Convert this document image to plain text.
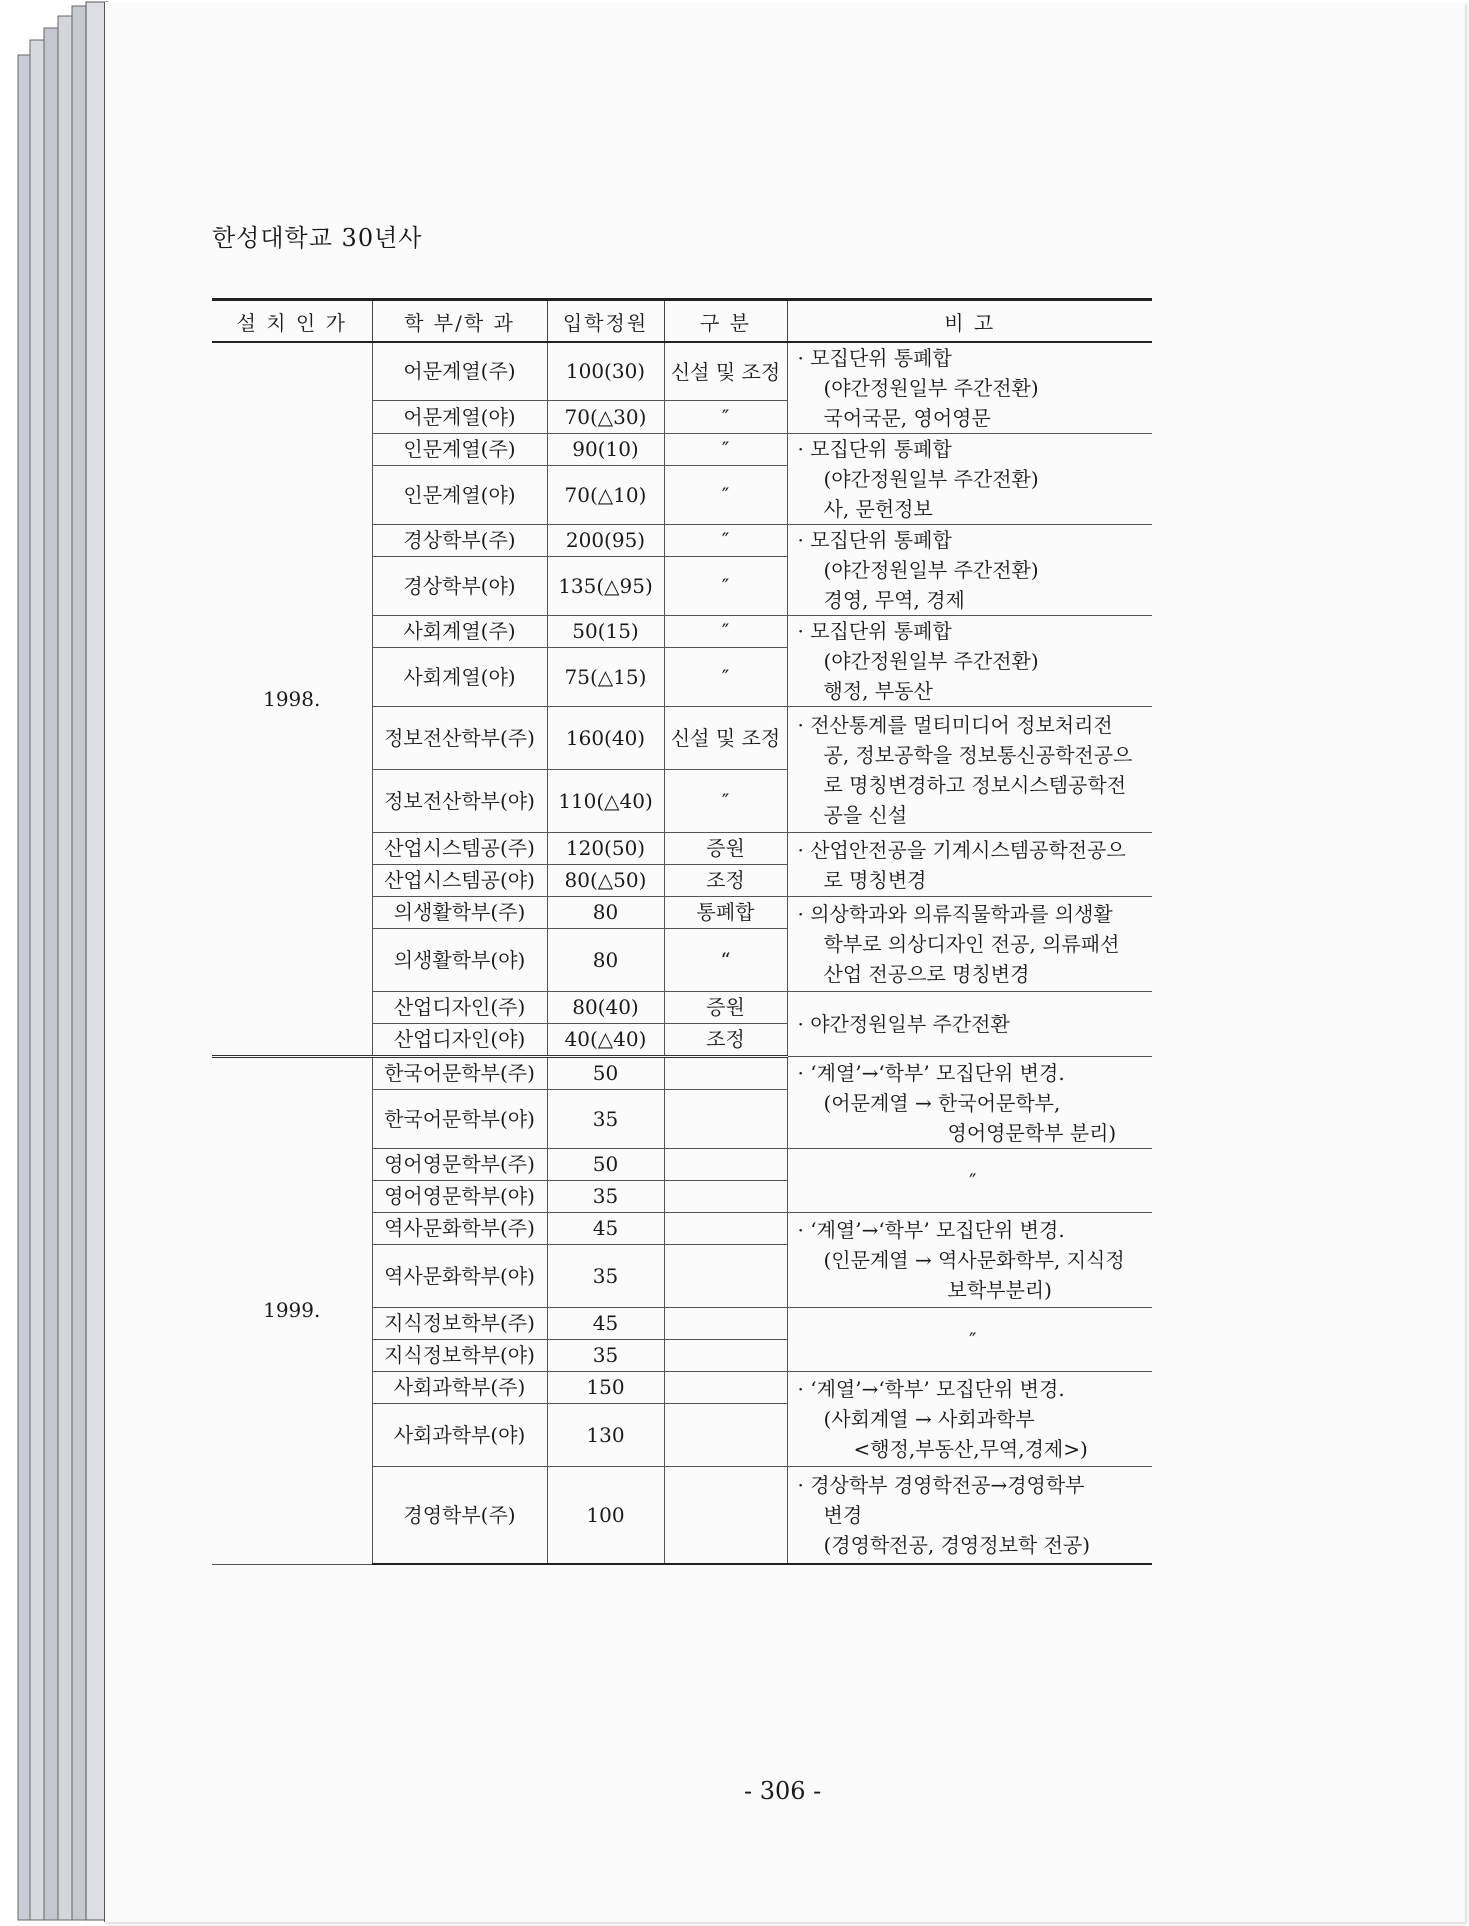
한성대학교 30년사
설 치 인 가	학 부/학 과	입학정원	구 분	비 고
1998.	어문계열(주)	100(30)	신설 및 조정	· 모집단위 통폐합
(야간정원일부 주간전환)
국어국문, 영어영문

	어문계열(야)	70(△30)	″	
	인문계열(주)	90(10)	″	· 모집단위 통폐합
(야간정원일부 주간전환)
사, 문헌정보

	인문계열(야)	70(△10)	″	
	경상학부(주)	200(95)	″	· 모집단위 통폐합
(야간정원일부 주간전환)
경영, 무역, 경제

	경상학부(야)	135(△95)	″	
	사회계열(주)	50(15)	″	· 모집단위 통폐합
(야간정원일부 주간전환)
행정, 부동산

	사회계열(야)	75(△15)	″	
	정보전산학부(주)	160(40)	신설 및 조정	· 전산통계를 멀티미디어 정보처리전
공, 정보공학을 정보통신공학전공으
로 명칭변경하고 정보시스템공학전
공을 신설

	정보전산학부(야)	110(△40)	″	
	산업시스템공(주)	120(50)	증원	· 산업안전공을 기계시스템공학전공으
로 명칭변경

	산업시스템공(야)	80(△50)	조정	
	의생활학부(주)	80	통폐합	· 의상학과와 의류직물학과를 의생활
학부로 의상디자인 전공, 의류패션
산업 전공으로 명칭변경

	의생활학부(야)	80	“	
	산업디자인(주)	80(40)	증원	· 야간정원일부 주간전환

	산업디자인(야)	40(△40)	조정	
1999.	한국어문학부(주)	50		· ‘계열’→‘학부’ 모집단위 변경.
(어문계열 → 한국어문학부,
영어영문학부 분리)

	한국어문학부(야)	35		
	영어영문학부(주)	50		″

	영어영문학부(야)	35		
	역사문화학부(주)	45		· ‘계열’→‘학부’ 모집단위 변경.
(인문계열 → 역사문화학부, 지식정
보학부분리)

	역사문화학부(야)	35		
	지식정보학부(주)	45		″

	지식정보학부(야)	35		
	사회과학부(주)	150		· ‘계열’→‘학부’ 모집단위 변경.
(사회계열 → 사회과학부
<행정,부동산,무역,경제>)

	사회과학부(야)	130		
	경영학부(주)	100		· 경상학부 경영학전공→경영학부
변경
(경영학전공, 경영정보학 전공)
- 306 -
